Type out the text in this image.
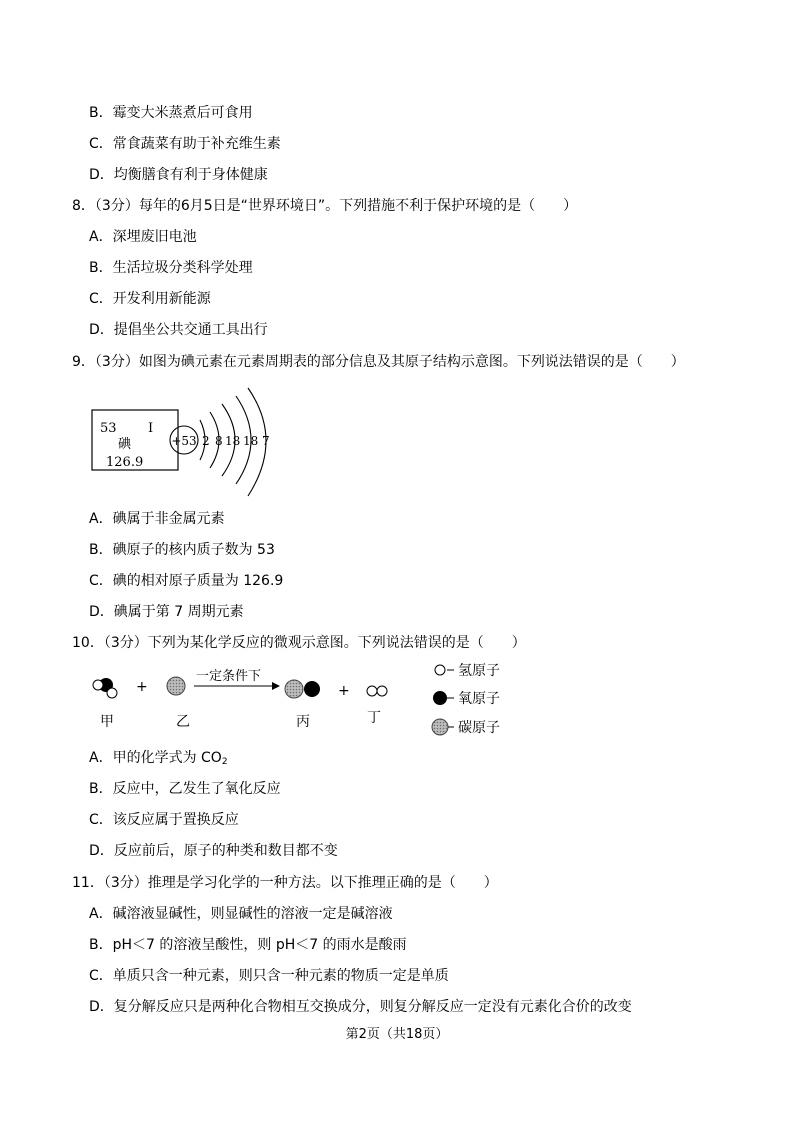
B．霉变大米蒸煮后可食用
C．常食蔬菜有助于补充维生素
D．均衡膳食有利于身体健康
8．（3分）每年的6月5日是“世界环境日”。下列措施不利于保护环境的是（　　）
A．深埋废旧电池
B．生活垃圾分类科学处理
C．开发利用新能源
D．提倡坐公共交通工具出行
9．（3分）如图为碘元素在元素周期表的部分信息及其原子结构示意图。下列说法错误的是（　　）
53 I
碘
126.9
+53 2 8 18 18 7
A．碘属于非金属元素
B．碘原子的核内质子数为 53
C．碘的相对原子质量为 126.9
D．碘属于第 7 周期元素
10．（3分）下列为某化学反应的微观示意图。下列说法错误的是（　　）
+
一定条件下
+
甲	乙	丙	丁
氢原子
氧原子
碳原子
A．甲的化学式为 $CO_2$
B．反应中，乙发生了氧化反应
C．该反应属于置换反应
D．反应前后，原子的种类和数目都不变
11．（3分）推理是学习化学的一种方法。以下推理正确的是（　　）
A．碱溶液显碱性，则显碱性的溶液一定是碱溶液
B．pH＜7 的溶液呈酸性，则 pH＜7 的雨水是酸雨
C．单质只含一种元素，则只含一种元素的物质一定是单质
D．复分解反应只是两种化合物相互交换成分，则复分解反应一定没有元素化合价的改变
第2页（共18页）
